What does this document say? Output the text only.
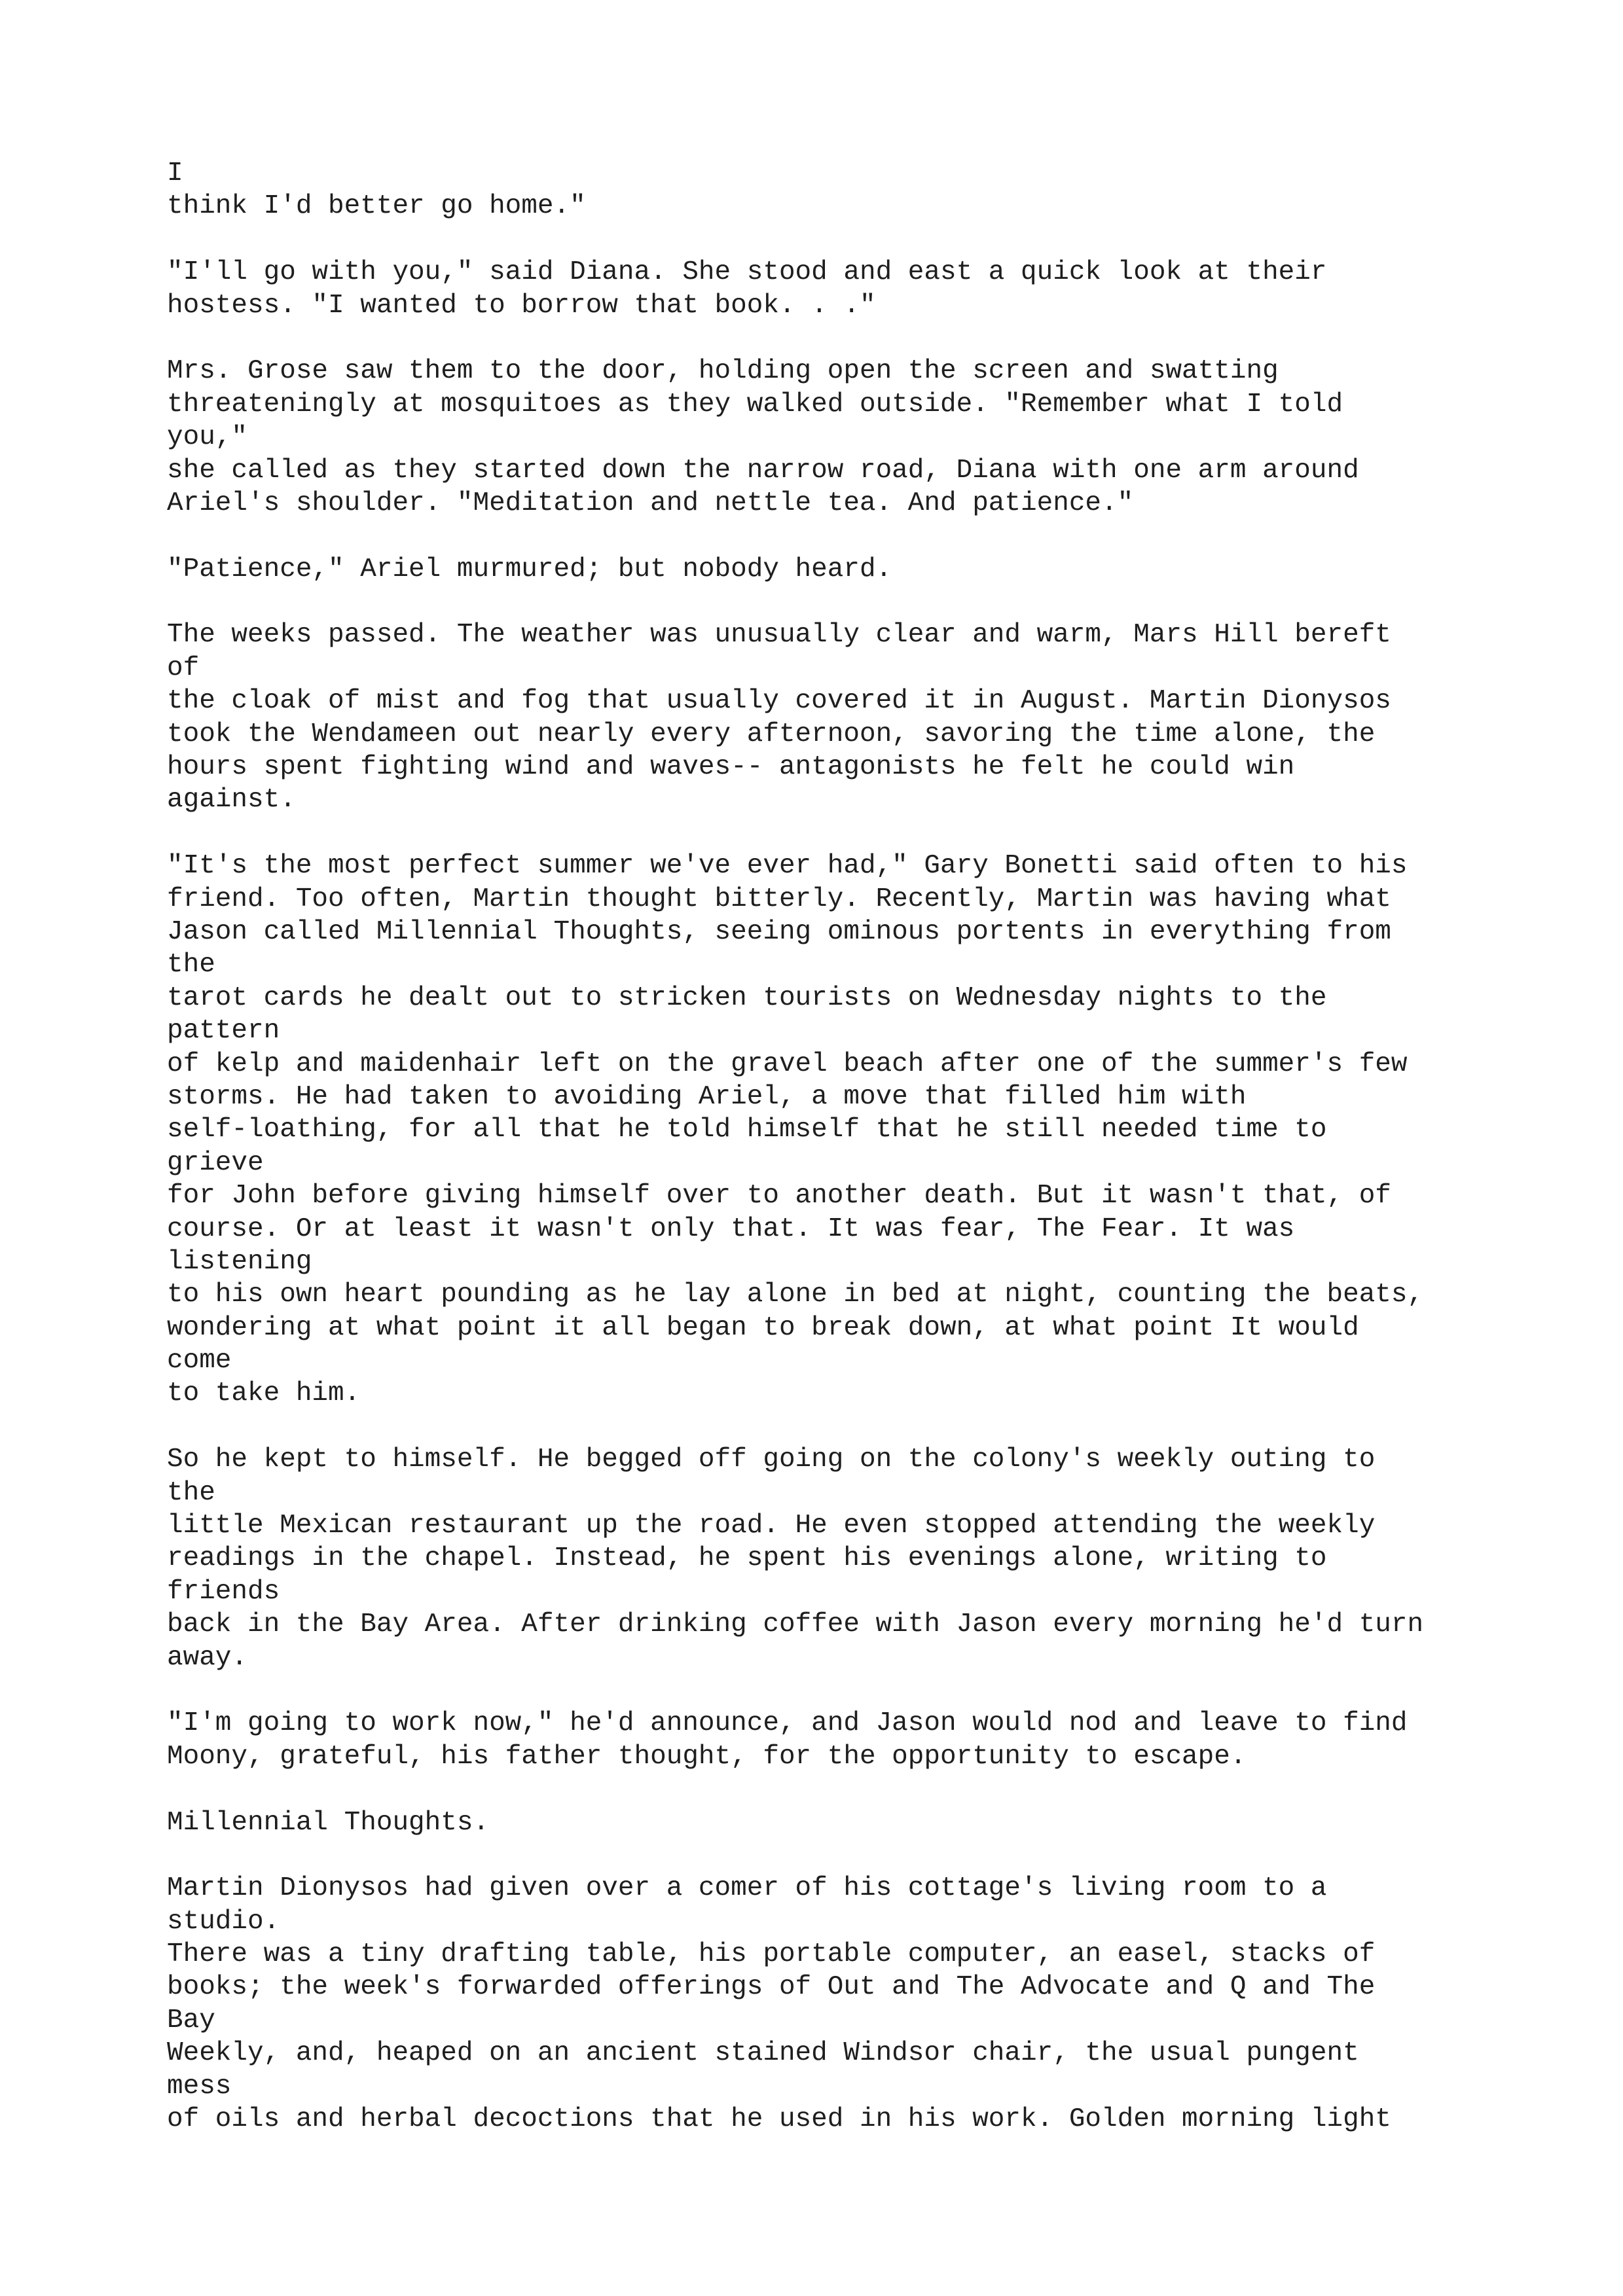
I
think I'd better go home."
"I'll go with you," said Diana. She stood and east a quick look at their
hostess. "I wanted to borrow that book. . ."
Mrs. Grose saw them to the door, holding open the screen and swatting
threateningly at mosquitoes as they walked outside. "Remember what I told
you,"
she called as they started down the narrow road, Diana with one arm around
Ariel's shoulder. "Meditation and nettle tea. And patience."
"Patience," Ariel murmured; but nobody heard.
The weeks passed. The weather was unusually clear and warm, Mars Hill bereft
of
the cloak of mist and fog that usually covered it in August. Martin Dionysos
took the Wendameen out nearly every afternoon, savoring the time alone, the
hours spent fighting wind and waves-- antagonists he felt he could win
against.
"It's the most perfect summer we've ever had," Gary Bonetti said often to his
friend. Too often, Martin thought bitterly. Recently, Martin was having what
Jason called Millennial Thoughts, seeing ominous portents in everything from
the
tarot cards he dealt out to stricken tourists on Wednesday nights to the
pattern
of kelp and maidenhair left on the gravel beach after one of the summer's few
storms. He had taken to avoiding Ariel, a move that filled him with
self-loathing, for all that he told himself that he still needed time to
grieve
for John before giving himself over to another death. But it wasn't that, of
course. Or at least it wasn't only that. It was fear, The Fear. It was
listening
to his own heart pounding as he lay alone in bed at night, counting the beats,
wondering at what point it all began to break down, at what point It would
come
to take him.
So he kept to himself. He begged off going on the colony's weekly outing to
the
little Mexican restaurant up the road. He even stopped attending the weekly
readings in the chapel. Instead, he spent his evenings alone, writing to
friends
back in the Bay Area. After drinking coffee with Jason every morning he'd turn
away.
"I'm going to work now," he'd announce, and Jason would nod and leave to find
Moony, grateful, his father thought, for the opportunity to escape.
Millennial Thoughts.
Martin Dionysos had given over a comer of his cottage's living room to a
studio.
There was a tiny drafting table, his portable computer, an easel, stacks of
books; the week's forwarded offerings of Out and The Advocate and Q and The
Bay
Weekly, and, heaped on an ancient stained Windsor chair, the usual pungent
mess
of oils and herbal decoctions that he used in his work. Golden morning light
